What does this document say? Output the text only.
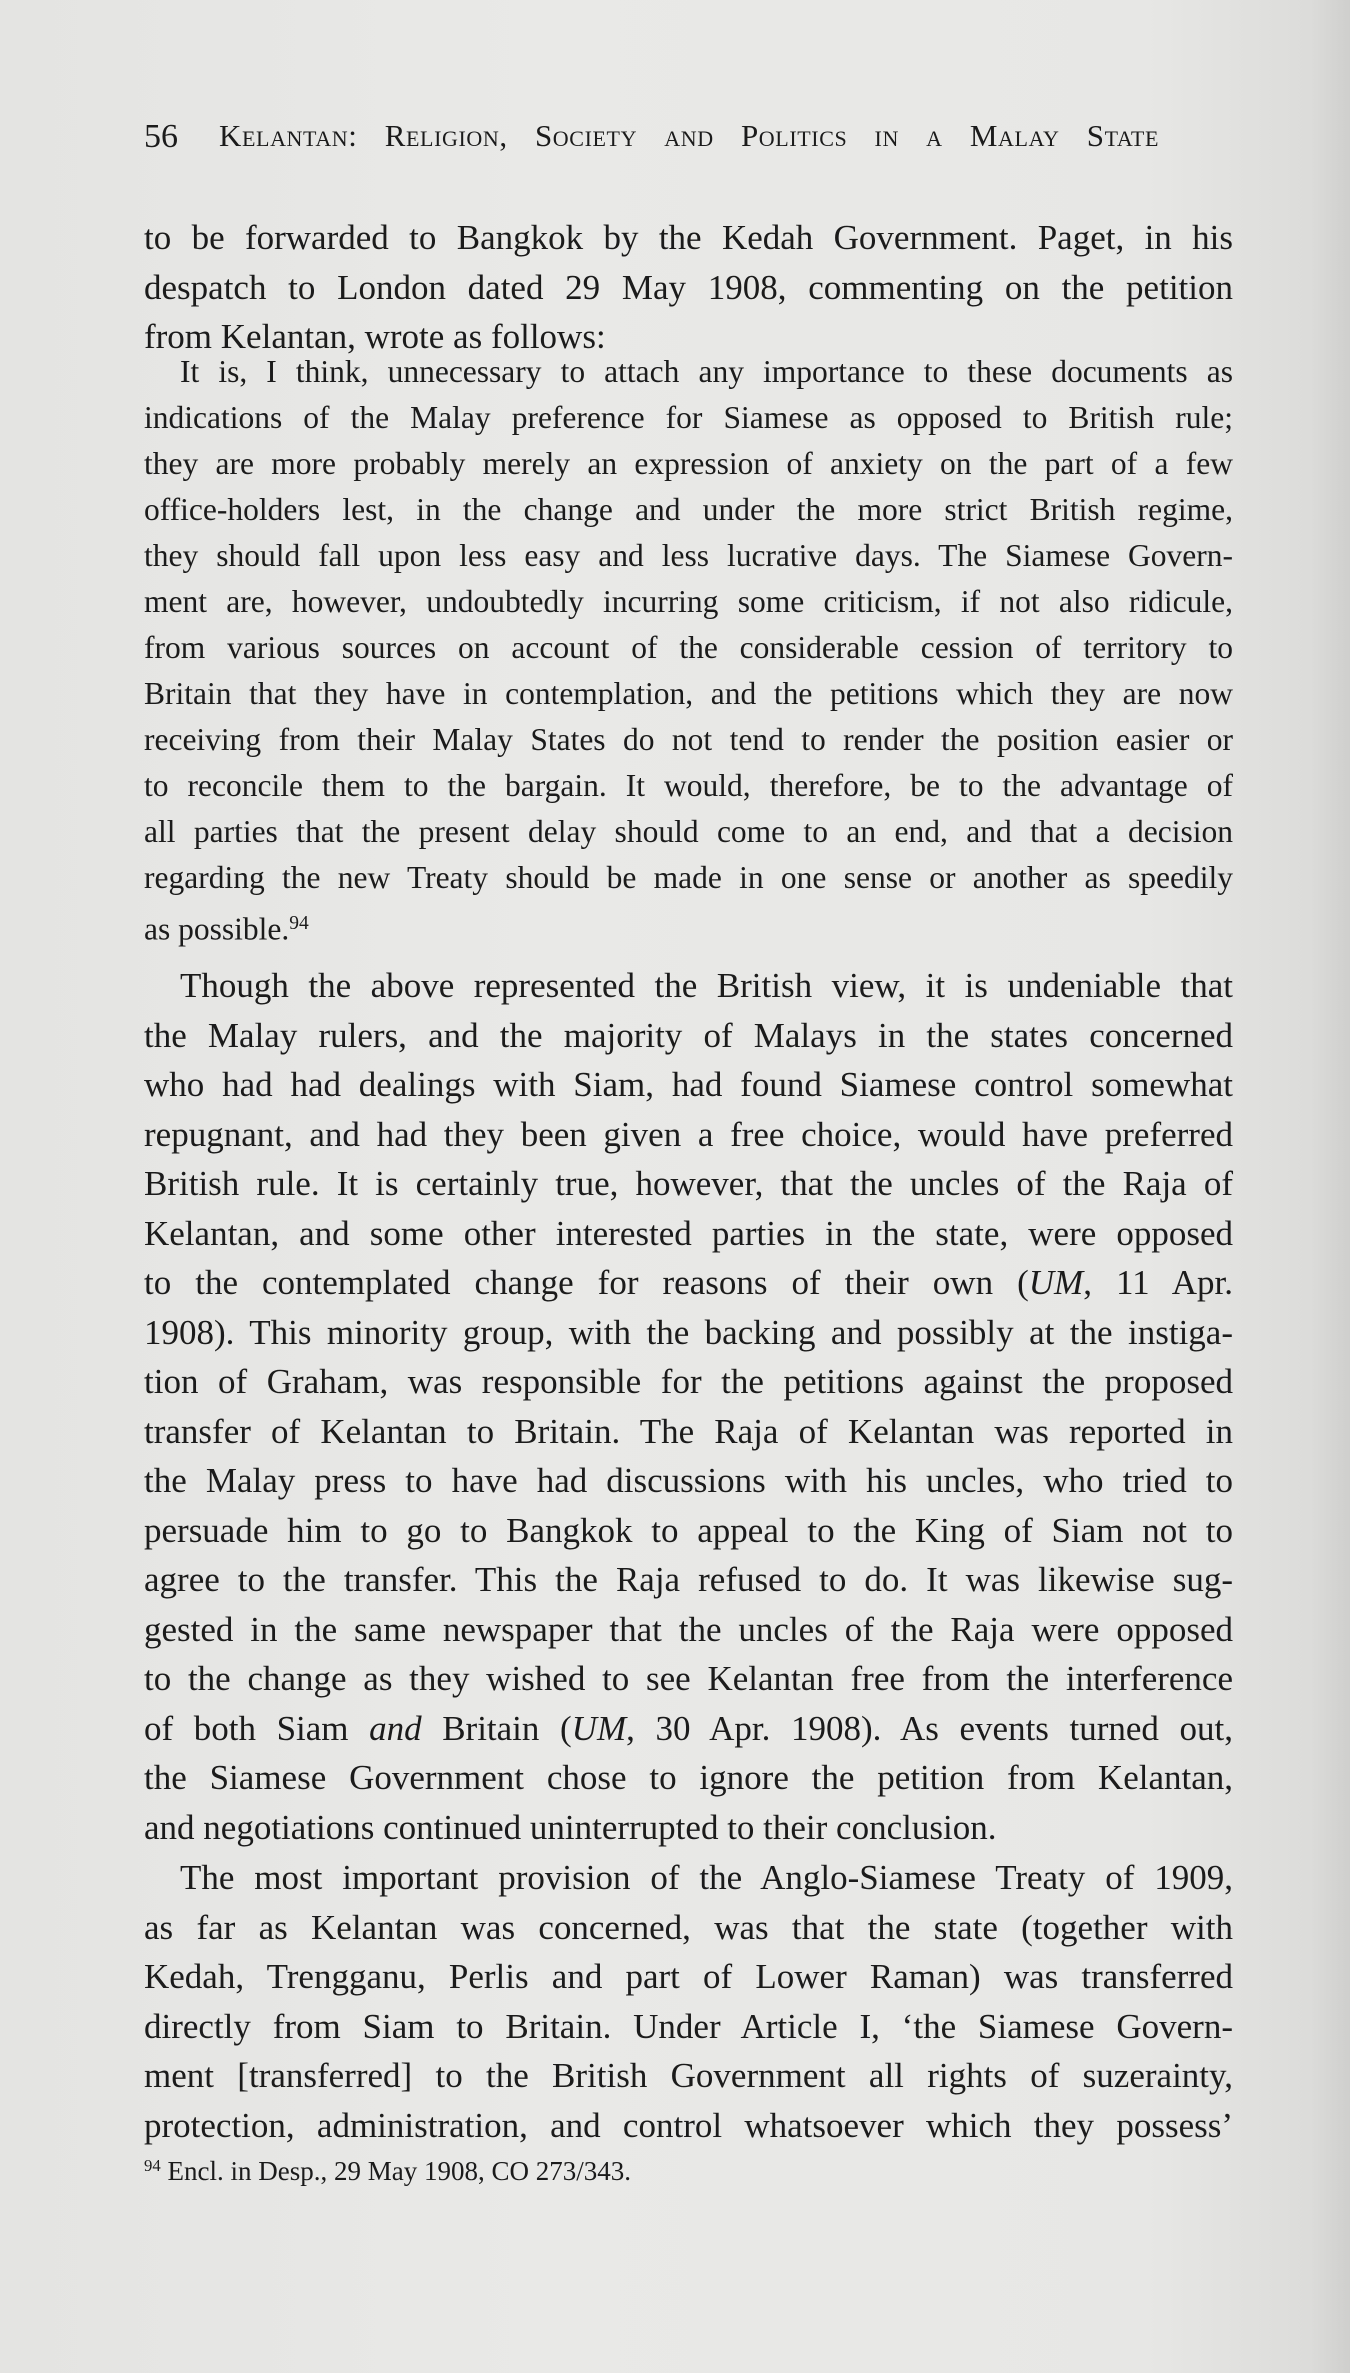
56	Kelantan: Religion, Society and Politics in a Malay State
to be forwarded to Bangkok by the Kedah Government. Paget, in his
despatch to London dated 29 May 1908, commenting on the petition
from Kelantan, wrote as follows:
It is, I think, unnecessary to attach any importance to these documents as
indications of the Malay preference for Siamese as opposed to British rule;
they are more probably merely an expression of anxiety on the part of a few
office-holders lest, in the change and under the more strict British regime,
they should fall upon less easy and less lucrative days. The Siamese Govern-
ment are, however, undoubtedly incurring some criticism, if not also ridicule,
from various sources on account of the considerable cession of territory to
Britain that they have in contemplation, and the petitions which they are now
receiving from their Malay States do not tend to render the position easier or
to reconcile them to the bargain. It would, therefore, be to the advantage of
all parties that the present delay should come to an end, and that a decision
regarding the new Treaty should be made in one sense or another as speedily
as possible.$^{94}$
Though the above represented the British view, it is undeniable that
the Malay rulers, and the majority of Malays in the states concerned
who had had dealings with Siam, had found Siamese control somewhat
repugnant, and had they been given a free choice, would have preferred
British rule. It is certainly true, however, that the uncles of the Raja of
Kelantan, and some other interested parties in the state, were opposed
to the contemplated change for reasons of their own (UM, 11 Apr.
1908). This minority group, with the backing and possibly at the instiga-
tion of Graham, was responsible for the petitions against the proposed
transfer of Kelantan to Britain. The Raja of Kelantan was reported in
the Malay press to have had discussions with his uncles, who tried to
persuade him to go to Bangkok to appeal to the King of Siam not to
agree to the transfer. This the Raja refused to do. It was likewise sug-
gested in the same newspaper that the uncles of the Raja were opposed
to the change as they wished to see Kelantan free from the interference
of both Siam and Britain (UM, 30 Apr. 1908). As events turned out,
the Siamese Government chose to ignore the petition from Kelantan,
and negotiations continued uninterrupted to their conclusion.
The most important provision of the Anglo-Siamese Treaty of 1909,
as far as Kelantan was concerned, was that the state (together with
Kedah, Trengganu, Perlis and part of Lower Raman) was transferred
directly from Siam to Britain. Under Article I, ‘the Siamese Govern-
ment [transferred] to the British Government all rights of suzerainty,
protection, administration, and control whatsoever which they possess’
$^{94}$ Encl. in Desp., 29 May 1908, CO 273/343.
